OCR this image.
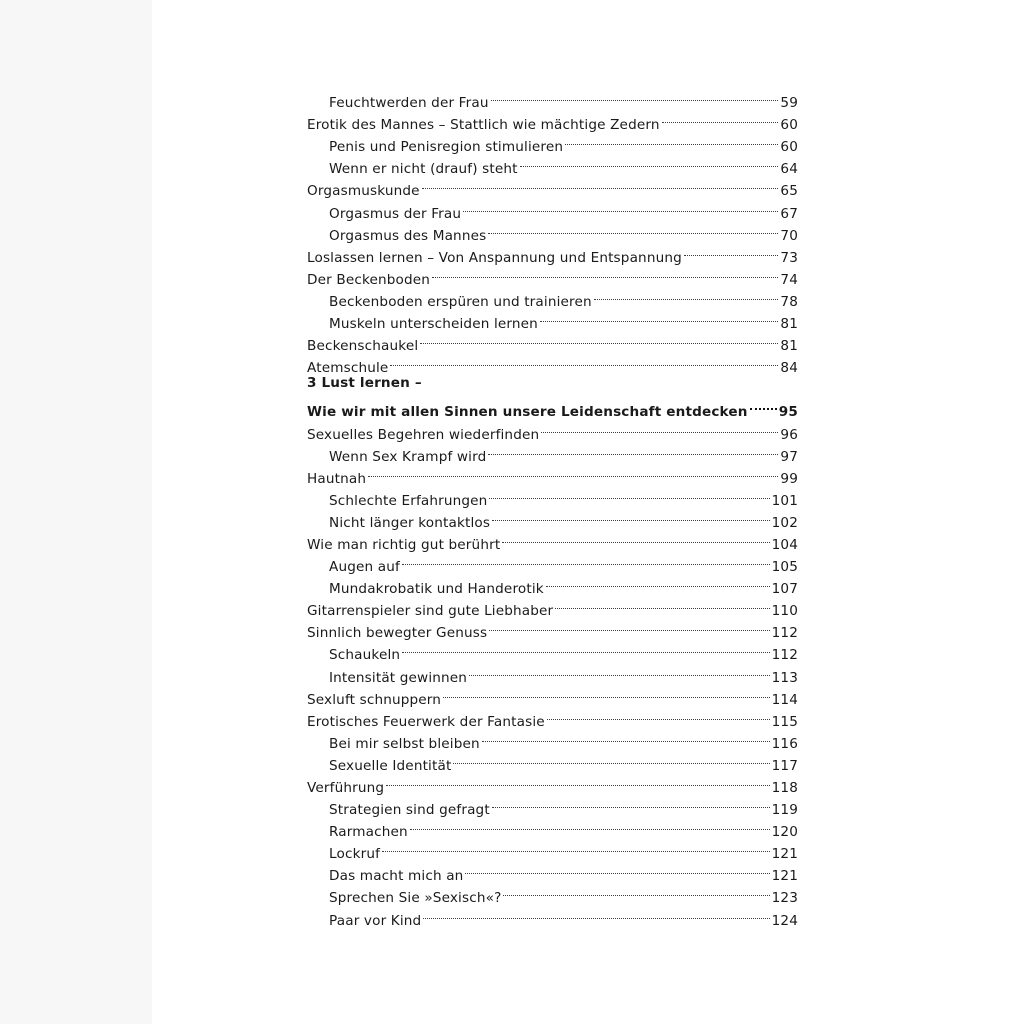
Feuchtwerden der Frau	59
Erotik des Mannes – Stattlich wie mächtige Zedern	60
Penis und Penisregion stimulieren	60
Wenn er nicht (drauf) steht	64
Orgasmuskunde	65
Orgasmus der Frau	67
Orgasmus des Mannes	70
Loslassen lernen – Von Anspannung und Entspannung	73
Der Beckenboden	74
Beckenboden erspüren und trainieren	78
Muskeln unterscheiden lernen	81
Beckenschaukel	81
Atemschule	84
3 Lust lernen –
Wie wir mit allen Sinnen unsere Leidenschaft entdecken 95
Sexuelles Begehren wiederfinden	96
Wenn Sex Krampf wird	97
Hautnah	99
Schlechte Erfahrungen	101
Nicht länger kontaktlos	102
Wie man richtig gut berührt	104
Augen auf	105
Mundakrobatik und Handerotik	107
Gitarrenspieler sind gute Liebhaber	110
Sinnlich bewegter Genuss	112
Schaukeln	112
Intensität gewinnen	113
Sexluft schnuppern	114
Erotisches Feuerwerk der Fantasie	115
Bei mir selbst bleiben	116
Sexuelle Identität	117
Verführung	118
Strategien sind gefragt	119
Rarmachen	120
Lockruf	121
Das macht mich an	121
Sprechen Sie »Sexisch«?	123
Paar vor Kind	124
